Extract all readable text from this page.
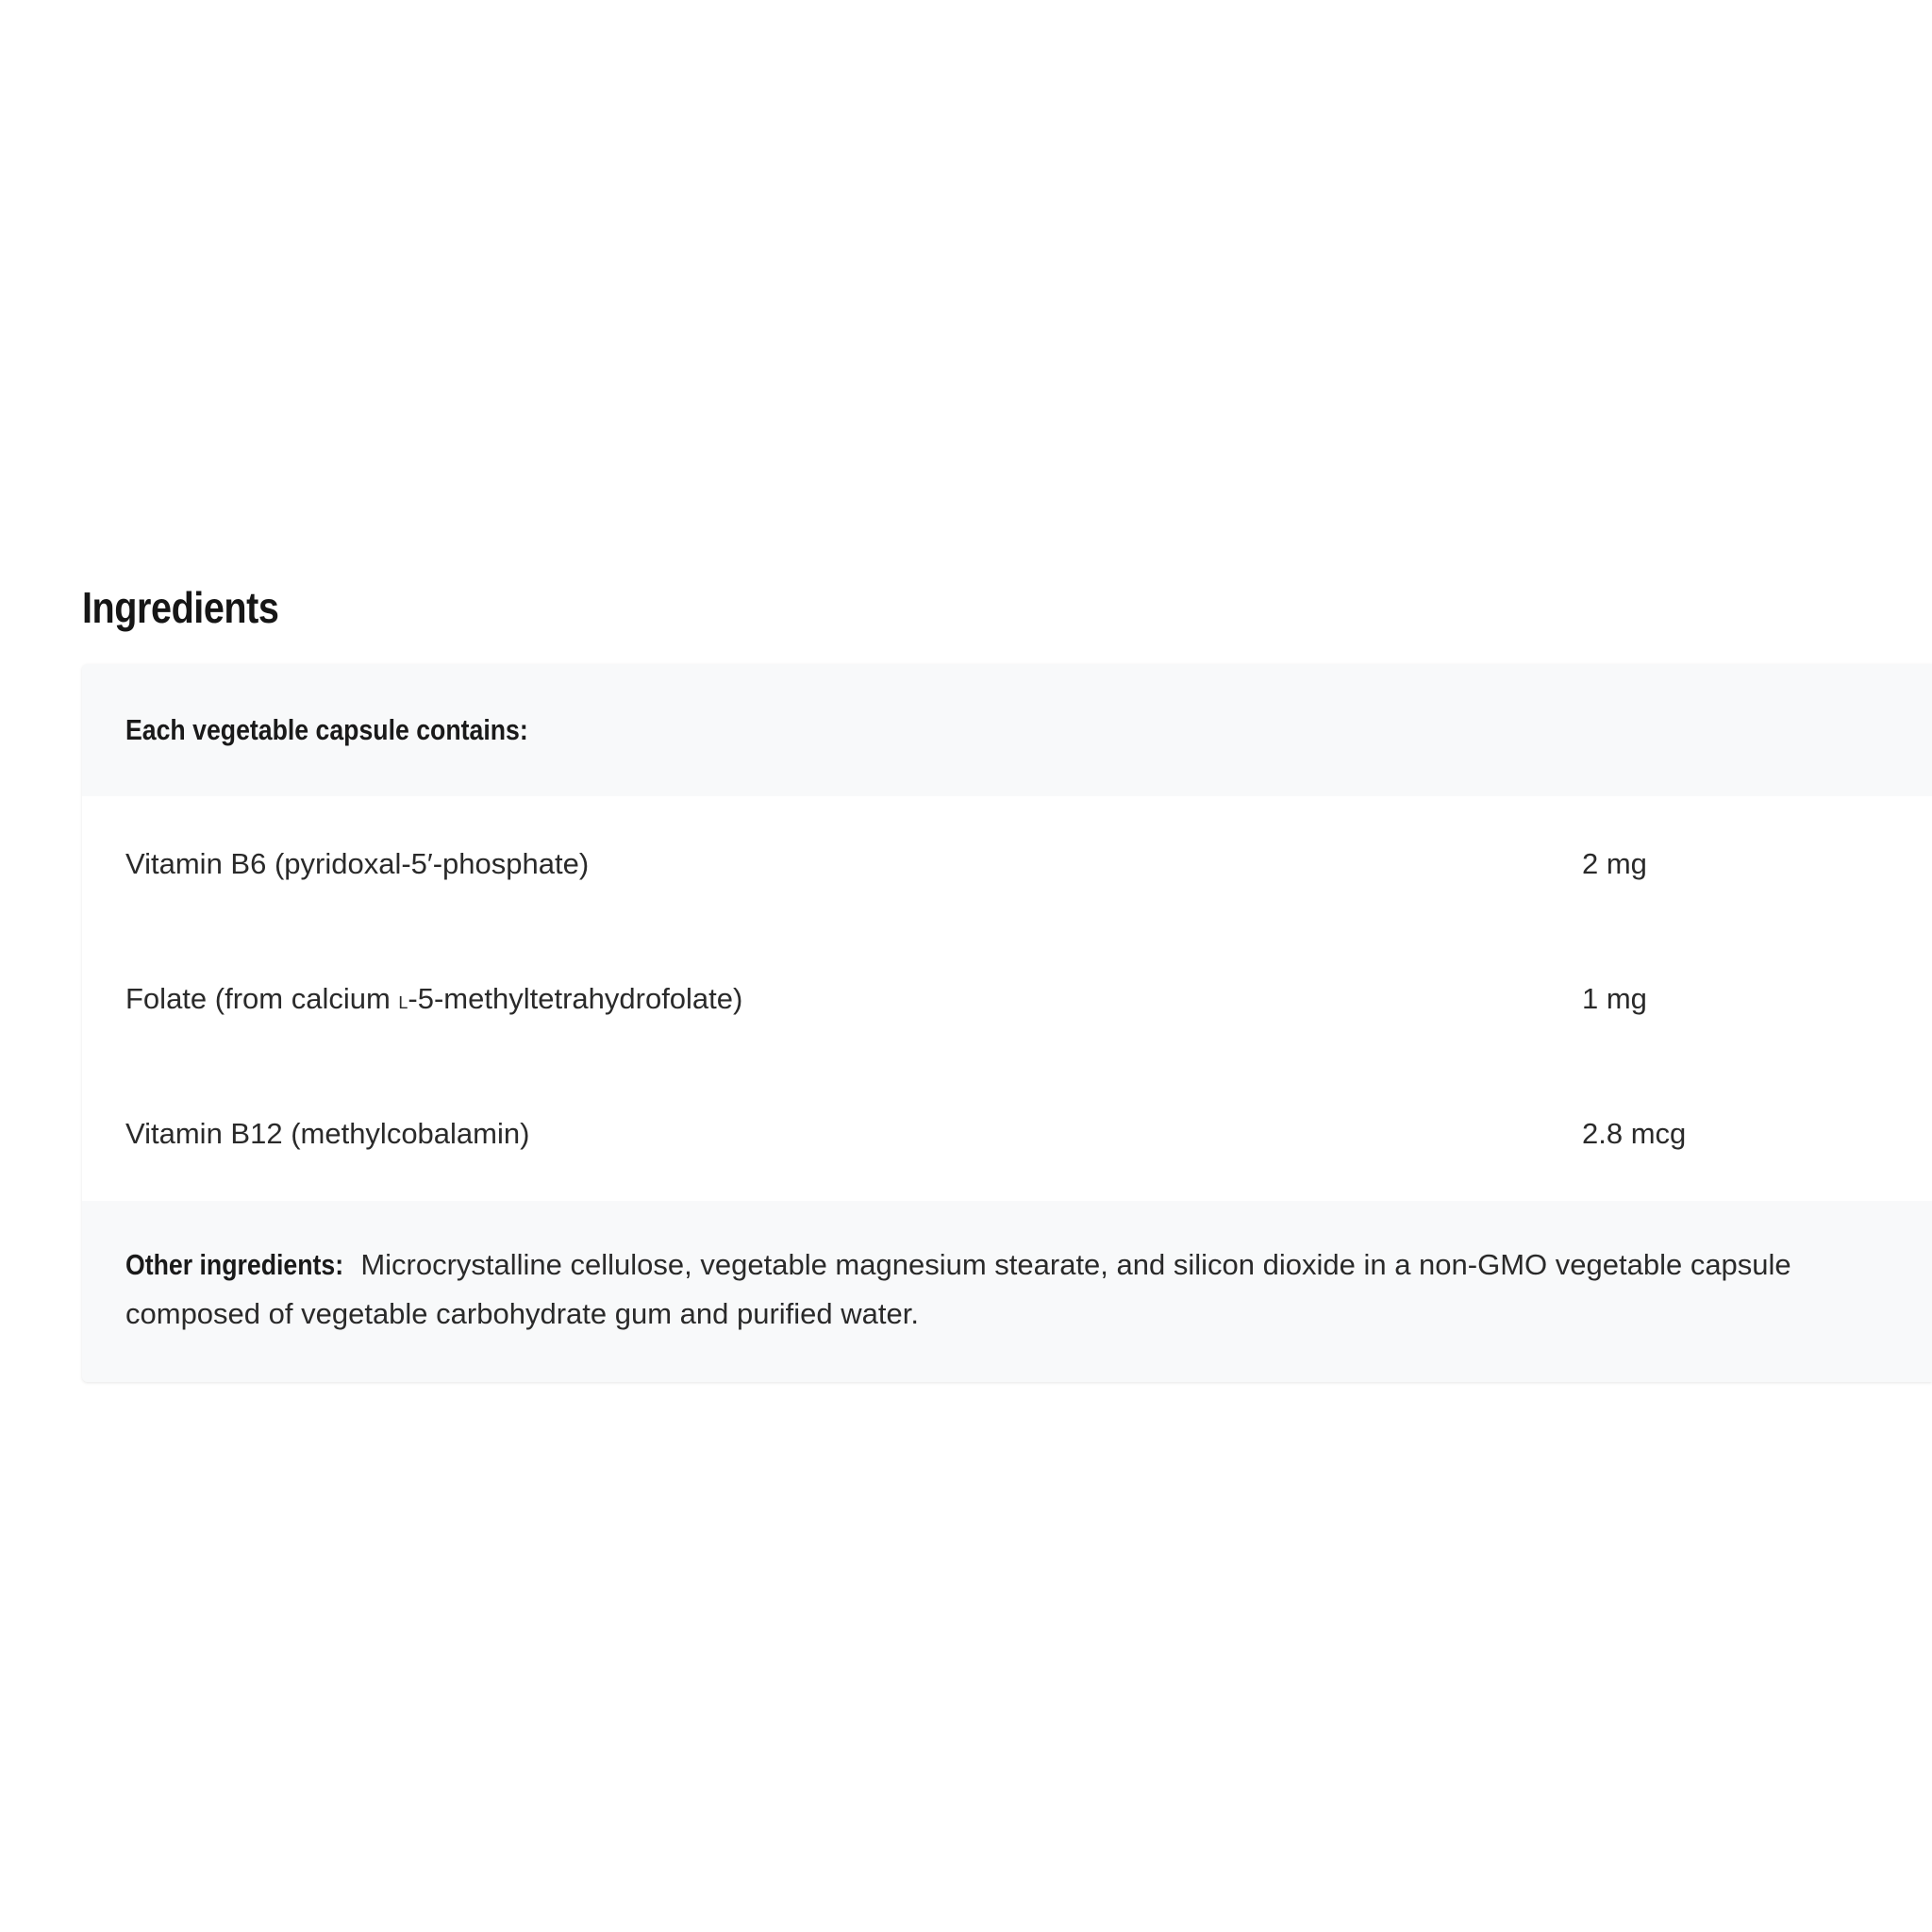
Ingredients
Each vegetable capsule contains:
Vitamin B6 (pyridoxal-5′-phosphate)	2 mg
Folate (from calcium l-5-methyltetrahydrofolate)	1 mg
Vitamin B12 (methylcobalamin)	2.8 mcg
Other ingredients: Microcrystalline cellulose, vegetable magnesium stearate, and silicon dioxide in a non-GMO vegetable capsule composed of vegetable carbohydrate gum and purified water.
